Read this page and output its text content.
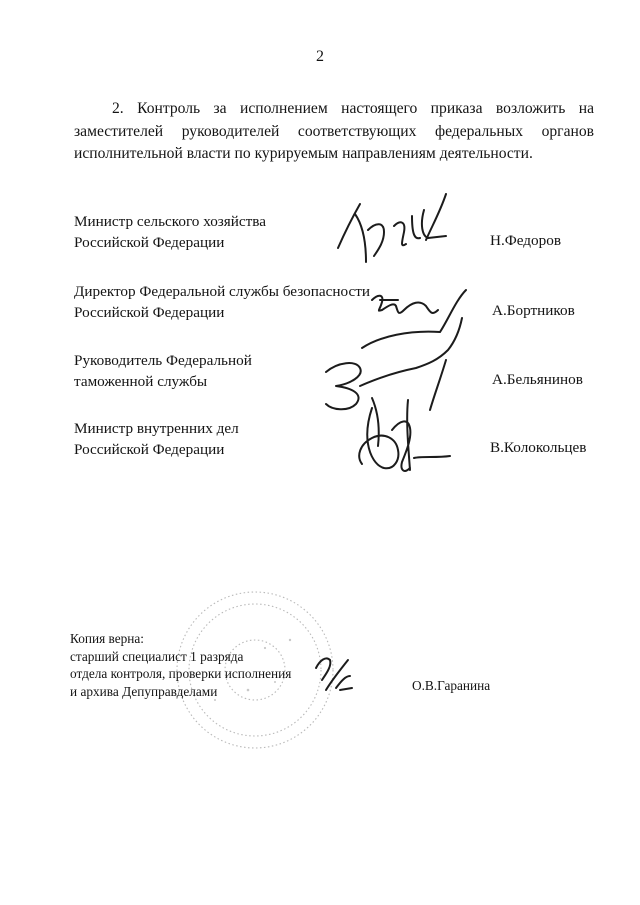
2
2. Контроль за исполнением настоящего приказа возложить на заместителей руководителей соответствующих федеральных органов исполнительной власти по курируемым направлениям деятельности.
Министр сельского хозяйства
Российской Федерации	Н.Федоров
Директор Федеральной службы безопасности
Российской Федерации	А.Бортников
Руководитель Федеральной
таможенной службы	А.Бельянинов
Министр внутренних дел
Российской Федерации	В.Колокольцев
Копия верна:
старший специалист 1 разряда
отдела контроля, проверки исполнения
и архива Депуправделами	О.В.Гаранина
